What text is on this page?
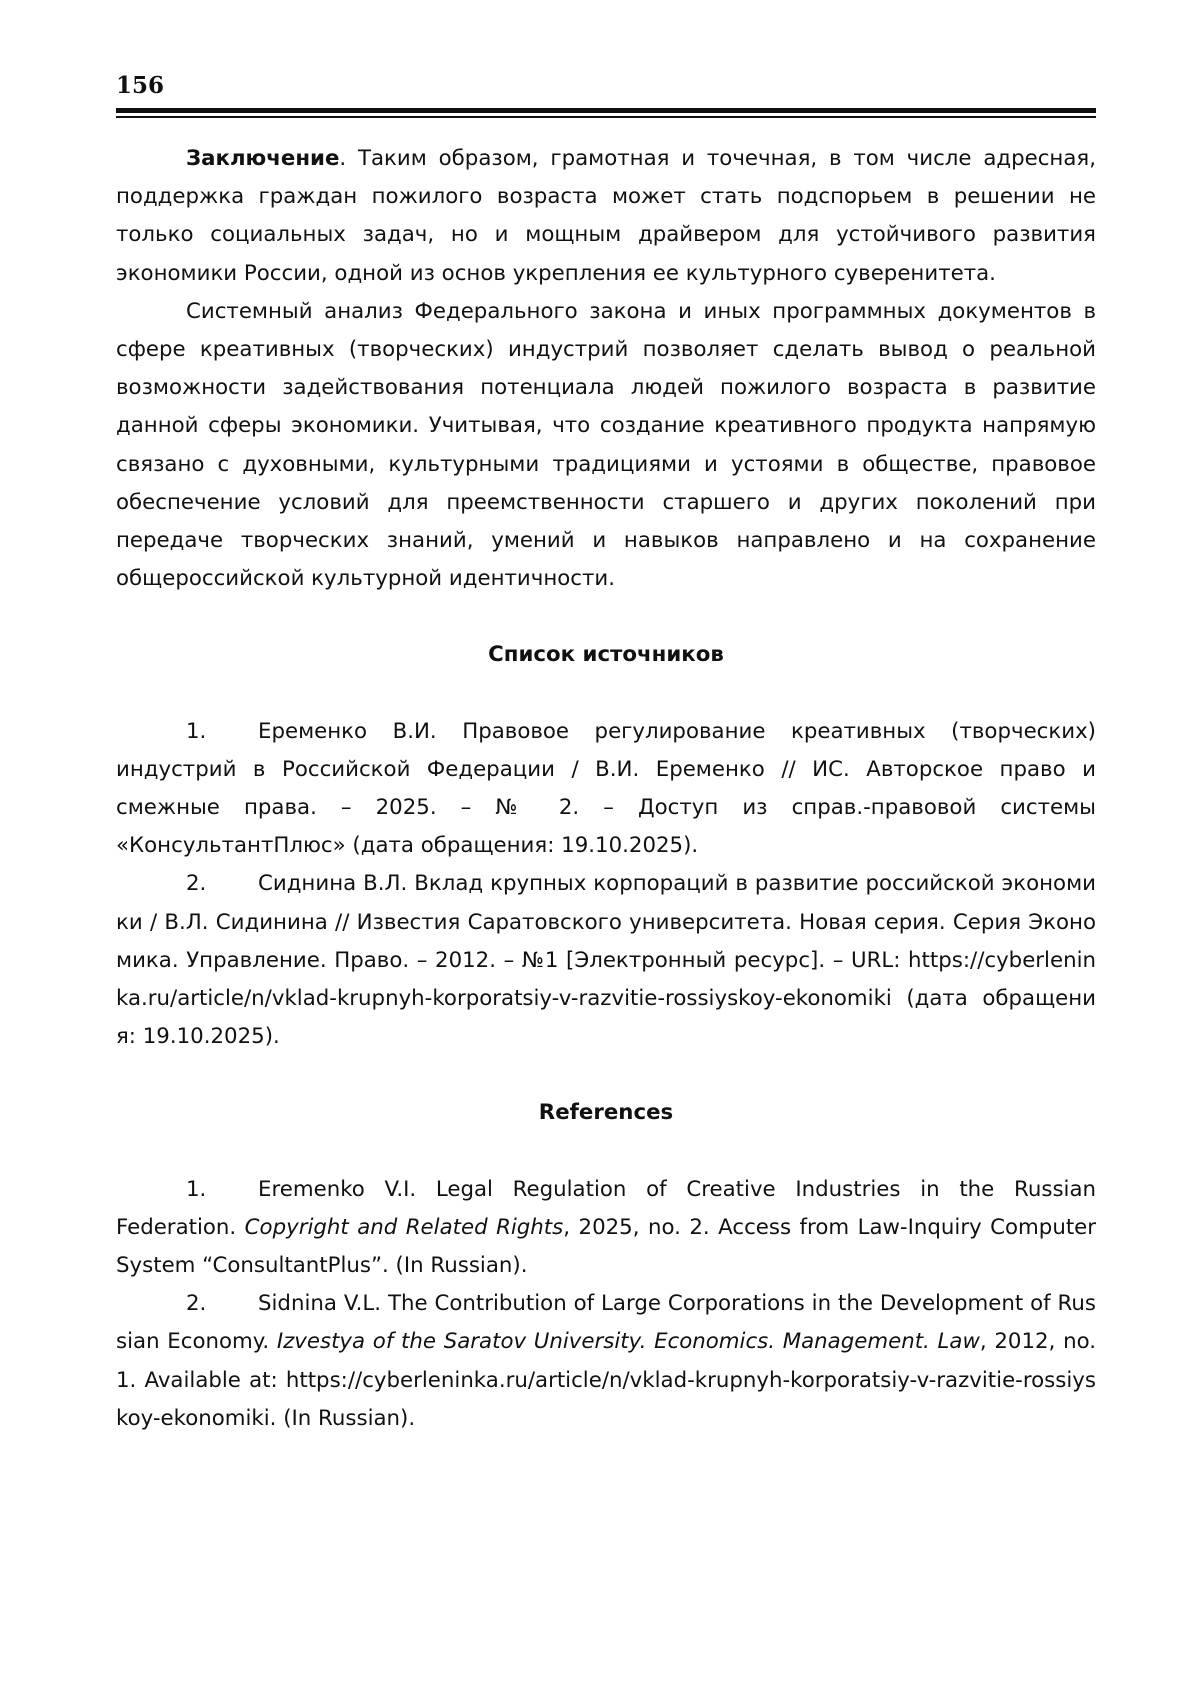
156

Заключение. Таким образом, грамотная и точечная, в том числе адресная, поддержка граждан пожилого возраста может стать подспорьем в решении не только социальных задач, но и мощным драйвером для устойчивого развития экономики России, одной из основ укрепления ее культурного суверенитета.

Системный анализ Федерального закона и иных программных документов в сфере креативных (творческих) индустрий позволяет сделать вывод о реальной возможности задействования потенциала людей пожилого возраста в развитие данной сферы экономики. Учитывая, что создание креативного продукта напрямую связано с духовными, культурными традициями и устоями в обществе, правовое обеспечение условий для преемственности старшего и других поколений при передаче творческих знаний, умений и навыков направлено и на сохранение общероссийской культурной идентичности.

Список источников

1. Еременко В.И. Правовое регулирование креативных (творческих) индустрий в Российской Федерации / В.И. Еременко // ИС. Авторское право и смежные права. – 2025. – № 2. – Доступ из справ.-правовой системы «КонсультантПлюс» (дата обращения: 19.10.2025).

2. Сиднина В.Л. Вклад крупных корпораций в развитие российской экономики / В.Л. Сидинина // Известия Саратовского университета. Новая серия. Серия Экономика. Управление. Право. – 2012. – №1 [Электронный ресурс]. – URL: https://cyberleninka.ru/article/n/vklad-krupnyh-korporatsiy-v-razvitie-rossiyskoy-ekonomiki (дата обращения: 19.10.2025).

References

1. Eremenko V.I. Legal Regulation of Creative Industries in the Russian Federation. Copyright and Related Rights, 2025, no. 2. Access from Law-Inquiry Computer System “ConsultantPlus”. (In Russian).

2. Sidnina V.L. The Contribution of Large Corporations in the Development of Russian Economy. Izvestya of the Saratov University. Economics. Management. Law, 2012, no. 1. Available at: https://cyberleninka.ru/article/n/vklad-krupnyh-korporatsiy-v-razvitie-rossiyskoy-ekonomiki. (In Russian).
